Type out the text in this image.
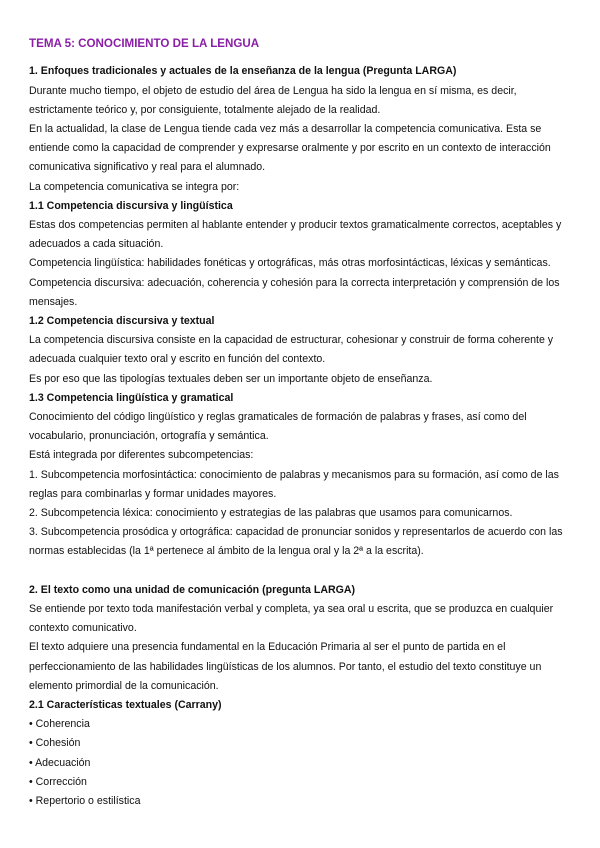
TEMA 5: CONOCIMIENTO DE LA LENGUA
1. Enfoques tradicionales y actuales de la enseñanza de la lengua (Pregunta LARGA)
Durante mucho tiempo, el objeto de estudio del área de Lengua ha sido la lengua en sí misma, es decir, estrictamente teórico y, por consiguiente, totalmente alejado de la realidad.
En la actualidad, la clase de Lengua tiende cada vez más a desarrollar la competencia comunicativa. Esta se entiende como la capacidad de comprender y expresarse oralmente y por escrito en un contexto de interacción comunicativa significativo y real para el alumnado.
La competencia comunicativa se integra por:
1.1 Competencia discursiva y lingüística
Estas dos competencias permiten al hablante entender y producir textos gramaticalmente correctos, aceptables y adecuados a cada situación.
Competencia lingüística: habilidades fonéticas y ortográficas, más otras morfosintácticas, léxicas y semánticas.
Competencia discursiva: adecuación, coherencia y cohesión para la correcta interpretación y comprensión de los mensajes.
1.2 Competencia discursiva y textual
La competencia discursiva consiste en la capacidad de estructurar, cohesionar y construir de forma coherente y adecuada cualquier texto oral y escrito en función del contexto.
Es por eso que las tipologías textuales deben ser un importante objeto de enseñanza.
1.3 Competencia lingüística y gramatical
Conocimiento del código lingüístico y reglas gramaticales de formación de palabras y frases, así como del vocabulario, pronunciación, ortografía y semántica.
Está integrada por diferentes subcompetencias:
1. Subcompetencia morfosintáctica: conocimiento de palabras y mecanismos para su formación, así como de las reglas para combinarlas y formar unidades mayores.
2. Subcompetencia léxica: conocimiento y estrategias de las palabras que usamos para comunicarnos.
3. Subcompetencia prosódica y ortográfica: capacidad de pronunciar sonidos y representarlos de acuerdo con las normas establecidas (la 1ª pertenece al ámbito de la lengua oral y la 2ª a la escrita).
2. El texto como una unidad de comunicación (pregunta LARGA)
Se entiende por texto toda manifestación verbal y completa, ya sea oral u escrita, que se produzca en cualquier contexto comunicativo.
El texto adquiere una presencia fundamental en la Educación Primaria al ser el punto de partida en el perfeccionamiento de las habilidades lingüísticas de los alumnos. Por tanto, el estudio del texto constituye un elemento primordial de la comunicación.
2.1 Características textuales (Carrany)
• Coherencia
• Cohesión
• Adecuación
• Corrección
• Repertorio o estilística
